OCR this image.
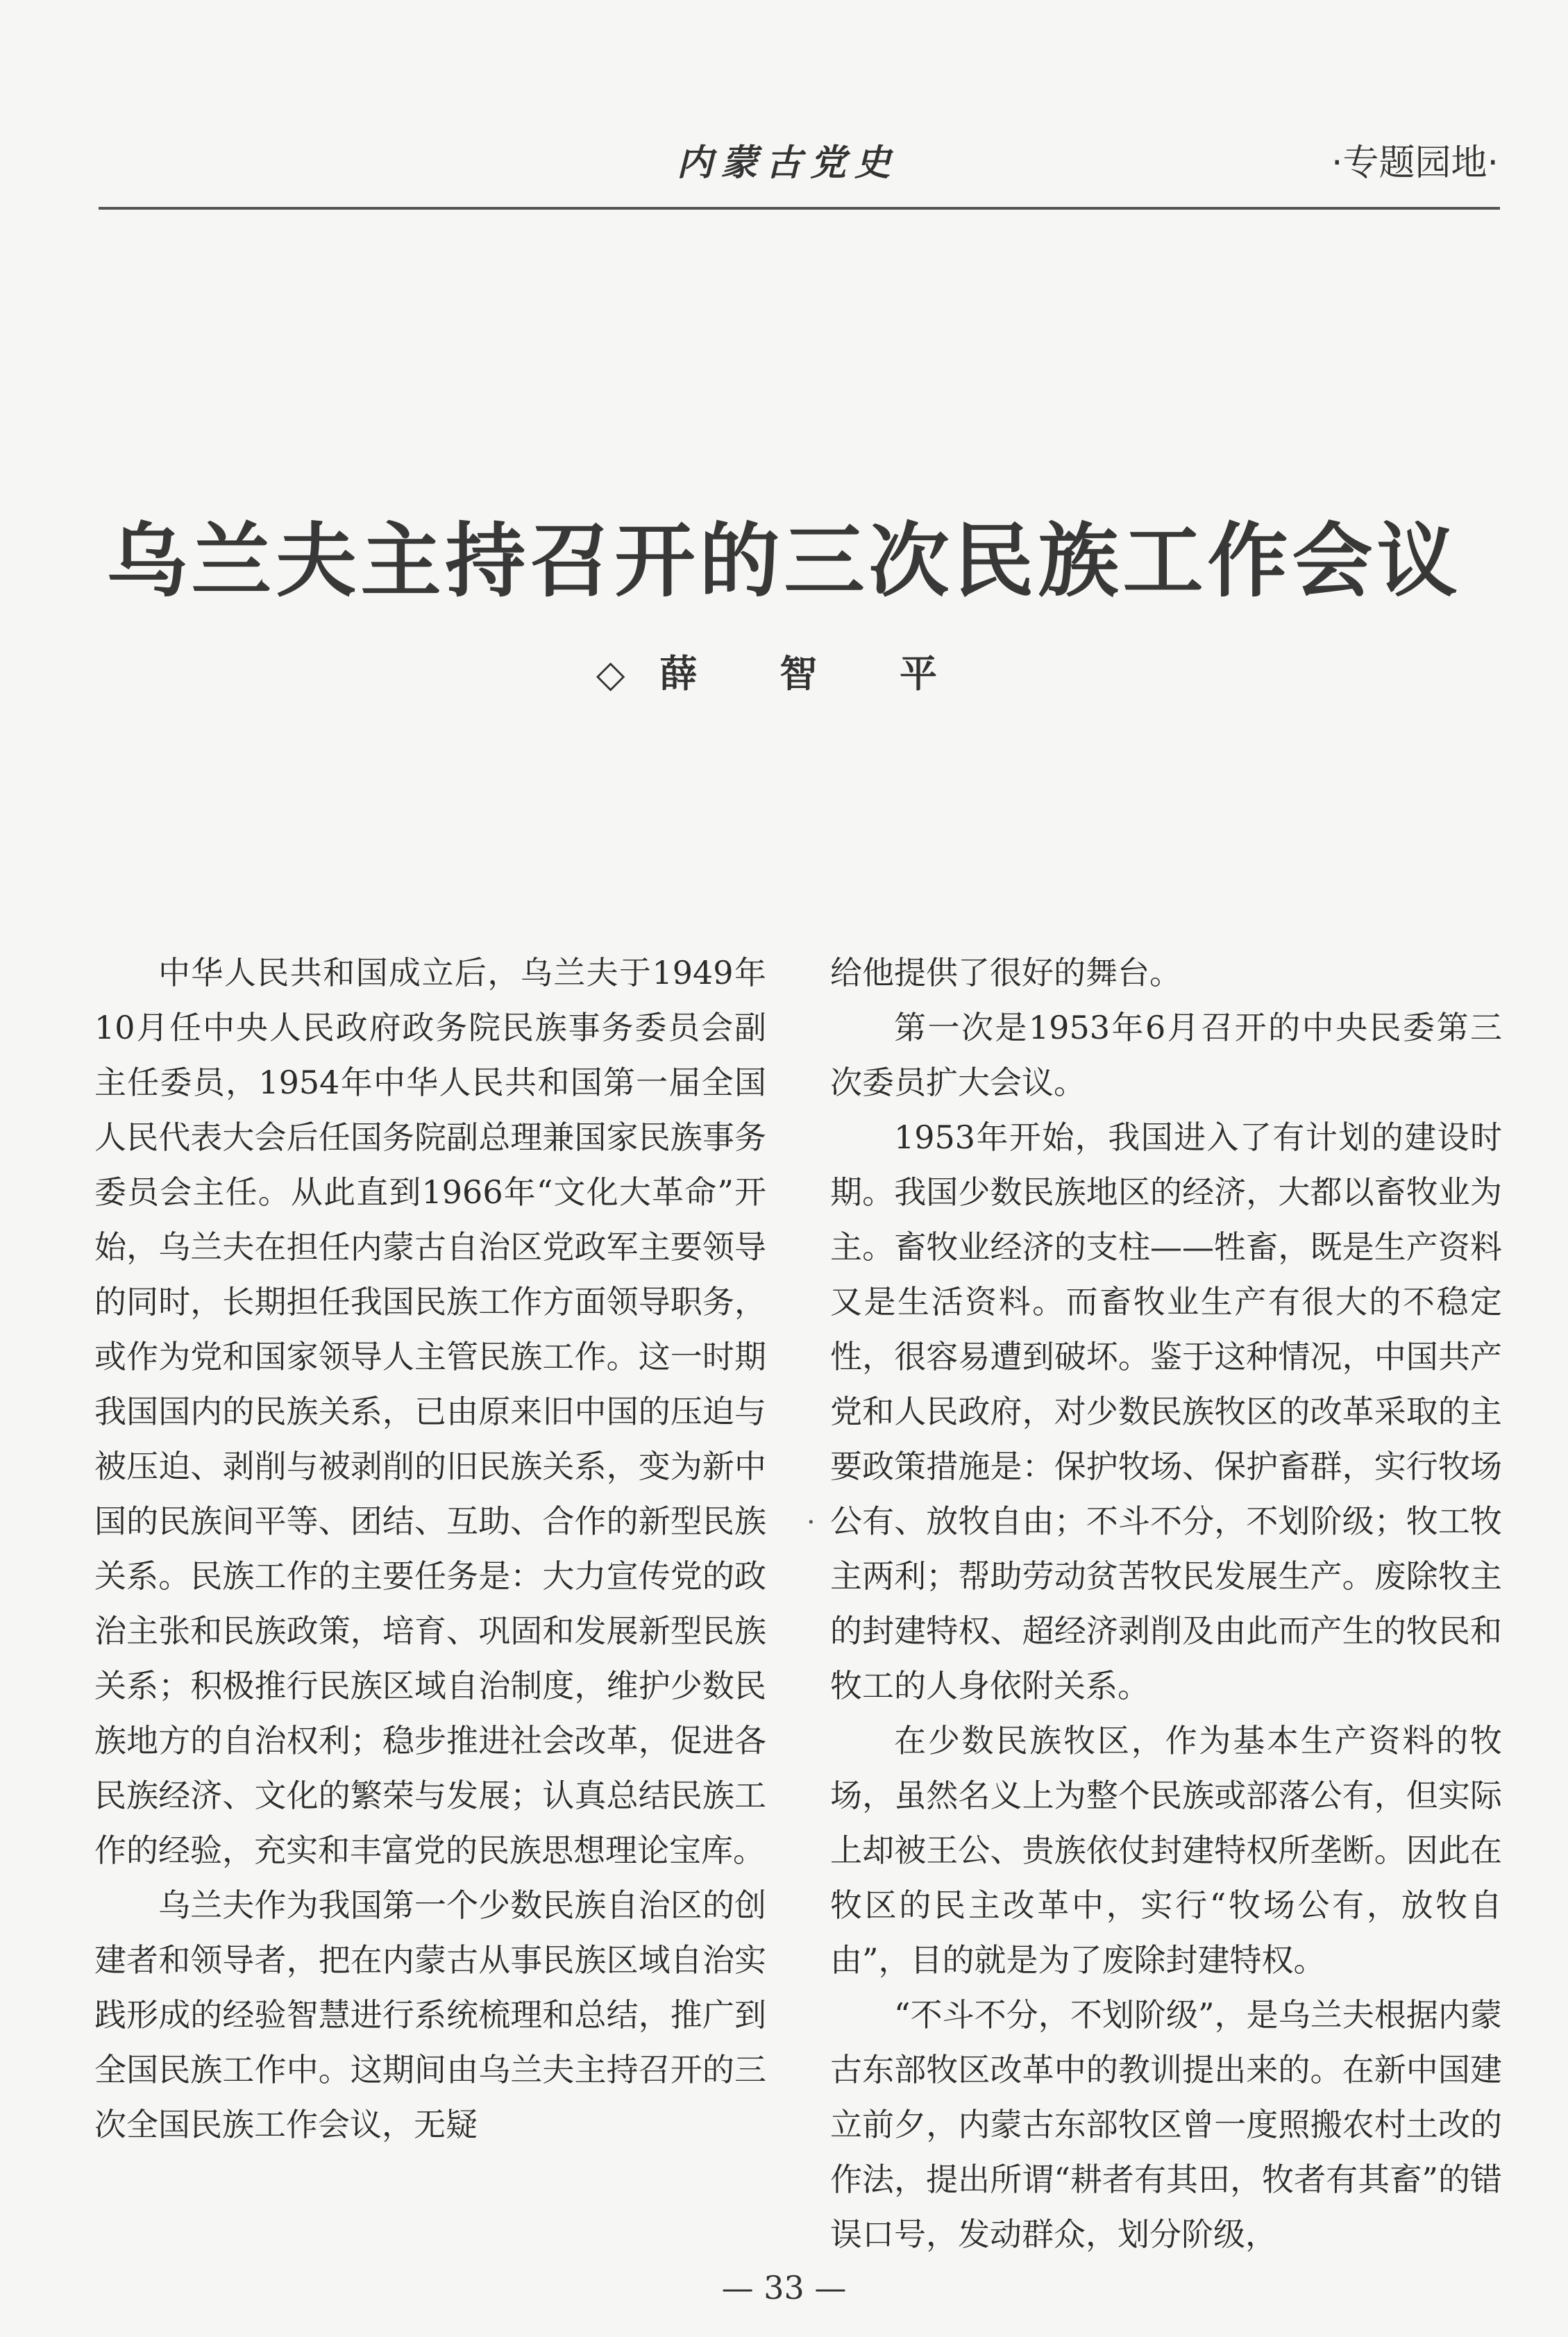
内蒙古党史	·专题园地·
乌兰夫主持召开的三次民族工作会议
◇薛 智 平

中华人民共和国成立后，乌兰夫于1949年10月任中央人民政府政务院民族事务委员会副主任委员，1954年中华人民共和国第一届全国人民代表大会后任国务院副总理兼国家民族事务委员会主任。从此直到1966年“文化大革命”开始，乌兰夫在担任内蒙古自治区党政军主要领导的同时，长期担任我国民族工作方面领导职务，或作为党和国家领导人主管民族工作。这一时期我国国内的民族关系，已由原来旧中国的压迫与被压迫、剥削与被剥削的旧民族关系，变为新中国的民族间平等、团结、互助、合作的新型民族关系。民族工作的主要任务是：大力宣传党的政治主张和民族政策，培育、巩固和发展新型民族关系；积极推行民族区域自治制度，维护少数民族地方的自治权利；稳步推进社会改革，促进各民族经济、文化的繁荣与发展；认真总结民族工作的经验，充实和丰富党的民族思想理论宝库。

乌兰夫作为我国第一个少数民族自治区的创建者和领导者，把在内蒙古从事民族区域自治实践形成的经验智慧进行系统梳理和总结，推广到全国民族工作中。这期间由乌兰夫主持召开的三次全国民族工作会议，无疑

·

给他提供了很好的舞台。

第一次是1953年6月召开的中央民委第三次委员扩大会议。

1953年开始，我国进入了有计划的建设时期。我国少数民族地区的经济，大都以畜牧业为主。畜牧业经济的支柱——牲畜，既是生产资料又是生活资料。而畜牧业生产有很大的不稳定性，很容易遭到破坏。鉴于这种情况，中国共产党和人民政府，对少数民族牧区的改革采取的主要政策措施是：保护牧场、保护畜群，实行牧场公有、放牧自由；不斗不分，不划阶级；牧工牧主两利；帮助劳动贫苦牧民发展生产。废除牧主的封建特权、超经济剥削及由此而产生的牧民和牧工的人身依附关系。

在少数民族牧区，作为基本生产资料的牧场，虽然名义上为整个民族或部落公有，但实际上却被王公、贵族依仗封建特权所垄断。因此在牧区的民主改革中，实行“牧场公有，放牧自由”，目的就是为了废除封建特权。

“不斗不分，不划阶级”，是乌兰夫根据内蒙古东部牧区改革中的教训提出来的。在新中国建立前夕，内蒙古东部牧区曾一度照搬农村土改的作法，提出所谓“耕者有其田，牧者有其畜”的错误口号，发动群众，划分阶级，

— 33 —
